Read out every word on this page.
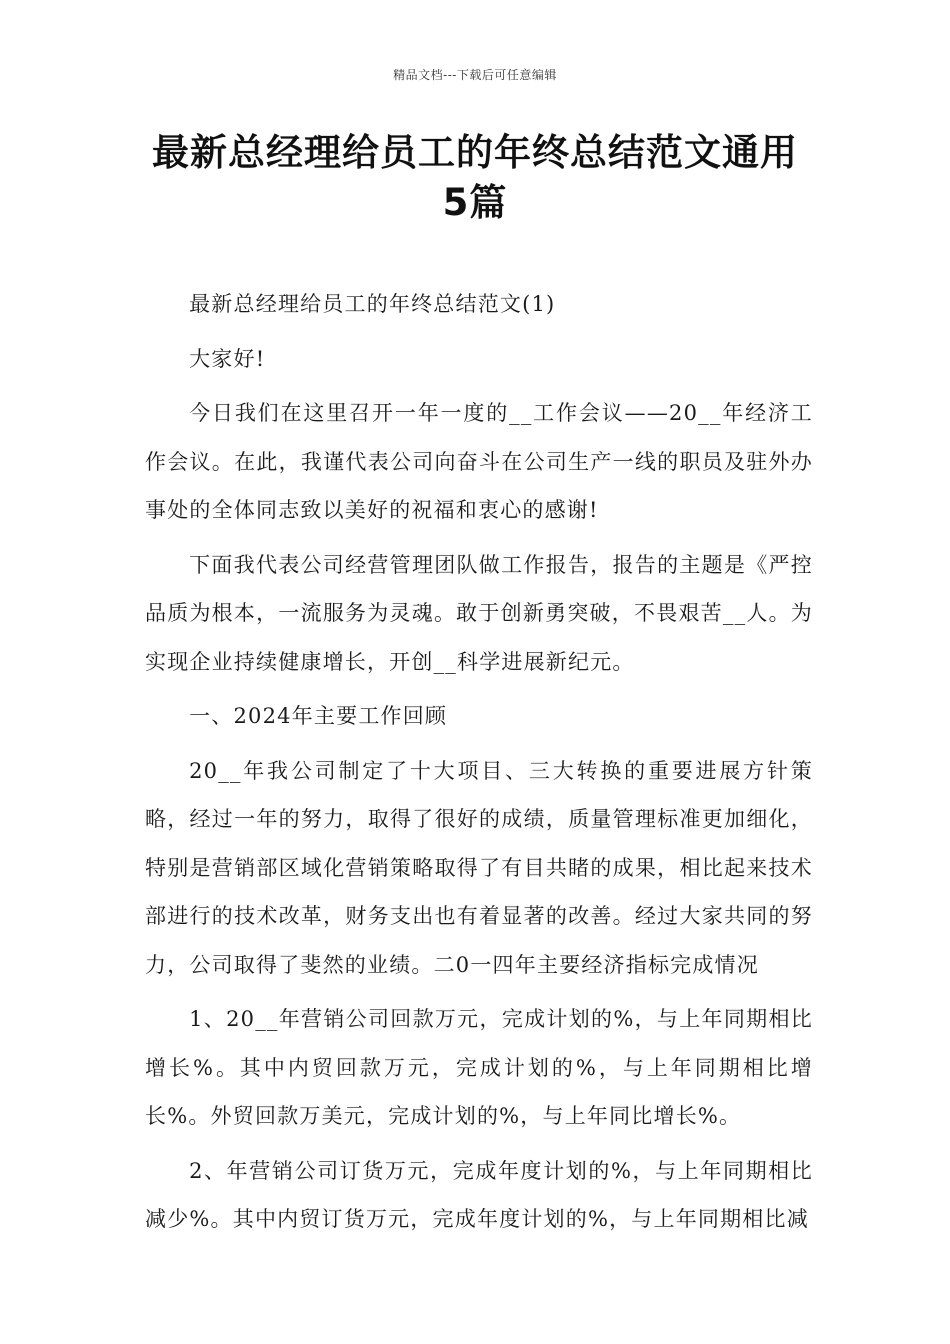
精品文档---下载后可任意编辑
最新总经理给员工的年终总结范文通用
5篇

最新总经理给员工的年终总结范文(1)

大家好!

今日我们在这里召开一年一度的__工作会议——20__年经济工作会议。在此，我谨代表公司向奋斗在公司生产一线的职员及驻外办事处的全体同志致以美好的祝福和衷心的感谢!

下面我代表公司经营管理团队做工作报告，报告的主题是《严控品质为根本，一流服务为灵魂。敢于创新勇突破，不畏艰苦__人。为实现企业持续健康增长，开创__科学进展新纪元。

一、2024年主要工作回顾

20__年我公司制定了十大项目、三大转换的重要进展方针策略，经过一年的努力，取得了很好的成绩，质量管理标准更加细化，特别是营销部区域化营销策略取得了有目共睹的成果，相比起来技术部进行的技术改革，财务支出也有着显著的改善。经过大家共同的努力，公司取得了斐然的业绩。二0一四年主要经济指标完成情况

1、20__年营销公司回款万元，完成计划的%，与上年同期相比增长%。其中内贸回款万元，完成计划的%，与上年同期相比增长%。外贸回款万美元，完成计划的%，与上年同比增长%。

2、年营销公司订货万元，完成年度计划的%，与上年同期相比减少%。其中内贸订货万元，完成年度计划的%，与上年同期相比减
